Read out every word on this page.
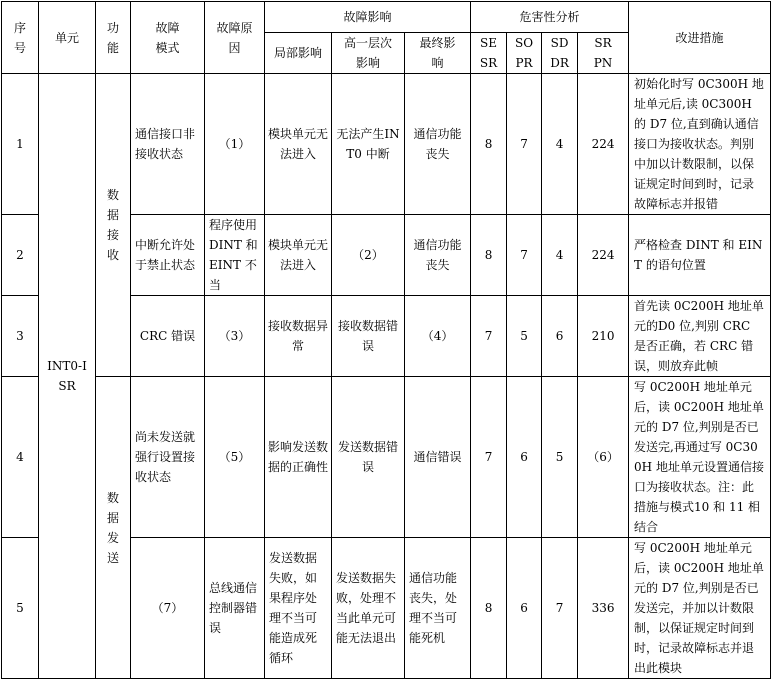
序号	单元	功能	故障模式	故障原因	故障影响			危害性分析				改进措施
					局部影响	高一层次影响	最终影响	SE SR	SO PR	SD DR	SR PN	

1	INT0-ISR	数据接收	通信接口非接收状态	（1）	模块单元无法进入	无法产生INT0 中断	通信功能丧失	8	7	4	224	初始化时写 0C300H 地址单元后,读 0C300H 的 D7 位,直到确认通信接口为接收状态。判别中加以计数限制，以保证规定时间到时，记录故障标志并报错
2			中断允许处于禁止状态	程序使用 DINT 和 EINT 不当	模块单元无法进入	（2）	通信功能丧失	8	7	4	224	严格检查 DINT 和 EINT 的语句位置
3			CRC 错误	（3）	接收数据异常	接收数据错误	（4）	7	5	6	210	首先读 0C200H 地址单元的D0 位,判别 CRC 是否正确，若 CRC 错误，则放弃此帧
4		数据发送	尚未发送就强行设置接收状态	（5）	影响发送数据的正确性	发送数据错误	通信错误	7	6	5	（6）	写 0C200H 地址单元后，读 0C200H 地址单元的 D7 位,判别是否已发送完,再通过写 0C300H 地址单元设置通信接口为接收状态。注：此措施与模式10 和 11 相结合
5			（7）	总线通信控制器错误	发送数据失败，如果程序处理不当可能造成死循环	发送数据失败，处理不当此单元可能无法退出	通信功能丧失，处理不当可能死机	8	6	7	336	写 0C200H 地址单元后，读 0C200H 地址单元的 D7 位,判别是否已发送完，并加以计数限制，以保证规定时间到时，记录故障标志并退出此模块
